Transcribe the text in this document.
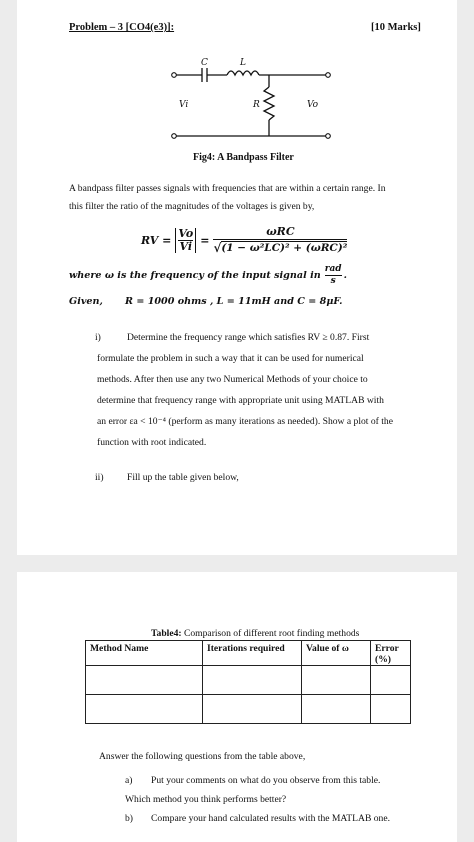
Problem – 3 [CO4(e3)]:	[10 Marks]
C	L
R
Vi	Vo
Fig4: A Bandpass Filter
A bandpass filter passes signals with frequencies that are within a certain range. In
this filter the ratio of the magnitudes of the voltages is given by,
RV = $\frac{Vo}{Vi}$ =
ωRC
√ (1 − ω²LC)² + (ωRC)²
where ω is the frequency of the input signal in
rad
s .
Given, R = 1000 ohms , L = 11mH and C = 8μF.
i)	Determine the frequency range which satisfies RV ≥ 0.87. First
formulate the problem in such a way that it can be used for numerical
methods. After then use any two Numerical Methods of your choice to
determine that frequency range with appropriate unit using MATLAB with
an error εa < 10⁻⁴ (perform as many iterations as needed). Show a plot of the
function with root indicated.
ii) Fill up the table given below,
Table4: Comparison of different root finding methods
Method Name	Iterations required	Value of ω	Error (%)

Answer the following questions from the table above,
a) Put your comments on what do you observe from this table.
Which method you think performs better?
b) Compare your hand calculated results with the MATLAB one.
